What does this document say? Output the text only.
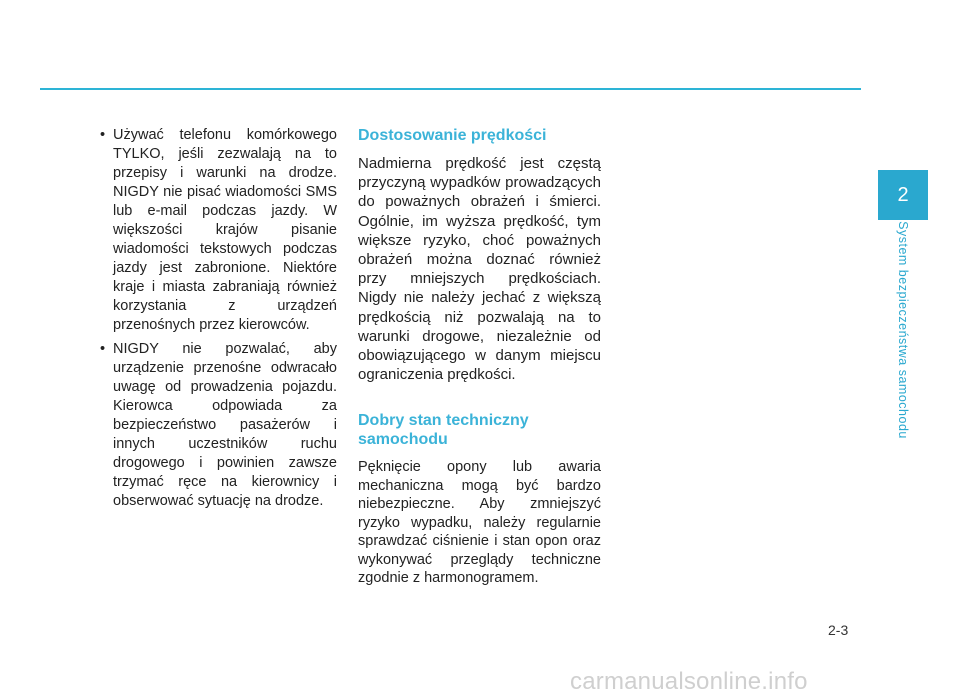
2
System bezpieczeństwa samochodu
• Używać telefonu komórkowego TYLKO, jeśli zezwalają na to przepisy i warunki na drodze. NIGDY nie pisać wiadomości SMS lub e-mail podczas jazdy. W większości krajów pisanie wiadomości tekstowych podczas jazdy jest zabronione. Niektóre kraje i miasta zabraniają również korzystania z urządzeń przenośnych przez kierowców.
• NIGDY nie pozwalać, aby urządzenie przenośne odwracało uwagę od prowadzenia pojazdu. Kierowca odpowiada za bezpieczeństwo pasażerów i innych uczestników ruchu drogowego i powinien zawsze trzymać ręce na kierownicy i obserwować sytuację na drodze.
Dostosowanie prędkości

Nadmierna prędkość jest częstą przyczyną wypadków prowadzących do poważnych obrażeń i śmierci. Ogólnie, im wyższa prędkość, tym większe ryzyko, choć poważnych obrażeń można doznać również przy mniejszych prędkościach. Nigdy nie należy jechać z większą prędkością niż pozwalają na to warunki drogowe, niezależnie od obowiązującego w danym miejscu ograniczenia prędkości.

Dobry stan techniczny samochodu

Pęknięcie opony lub awaria mechaniczna mogą być bardzo niebezpieczne. Aby zmniejszyć ryzyko wypadku, należy regularnie sprawdzać ciśnienie i stan opon oraz wykonywać przeglądy techniczne zgodnie z harmonogramem.

2-3
carmanualsonline.info
